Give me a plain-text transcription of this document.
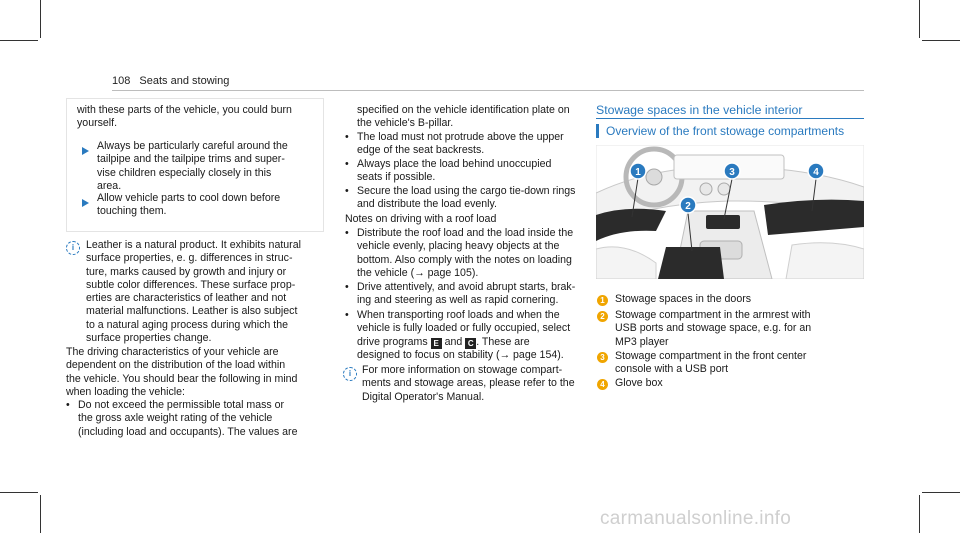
108 Seats and stowing

with these parts of the vehicle, you could burn

yourself.

Always be particularly careful around the

tailpipe and the tailpipe trims and super-

vise children especially closely in this

area.

Allow vehicle parts to cool down before

touching them.

i	Leather is a natural product. It exhibits natural

surface properties, e. g. differences in struc-

ture, marks caused by growth and injury or

subtle color differences. These surface prop-

erties are characteristics of leather and not

material malfunctions. Leather is also subject

to a natural aging process during which the

surface properties change.

The driving characteristics of your vehicle are

dependent on the distribution of the load within

the vehicle. You should bear the following in mind

when loading the vehicle:

• Do not exceed the permissible total mass or

the gross axle weight rating of the vehicle

(including load and occupants). The values are

specified on the vehicle identification plate on

the vehicle's B-pillar.

• The load must not protrude above the upper

edge of the seat backrests.

• Always place the load behind unoccupied

seats if possible.

• Secure the load using the cargo tie-down rings

and distribute the load evenly.

Notes on driving with a roof load
• Distribute the roof load and the load inside the

vehicle evenly, placing heavy objects at the

bottom. Also comply with the notes on loading

the vehicle (→ page 105).

• Drive attentively, and avoid abrupt starts, brak-

ing and steering as well as rapid cornering.

• When transporting roof loads and when the

vehicle is fully loaded or fully occupied, select

drive programs E and C . These are

designed to focus on stability (→ page 154).

i	For more information on stowage compart-

ments and stowage areas, please refer to the

Digital Operator's Manual.

Stowage spaces in the vehicle interior
Overview of the front stowage compartments
1
2
3	4
1 Stowage spaces in the doors

2 Stowage compartment in the armrest with

USB ports and stowage space, e.g. for an

MP3 player

3 Stowage compartment in the front center

console with a USB port

4 Glove box

carmanualsonline.info
